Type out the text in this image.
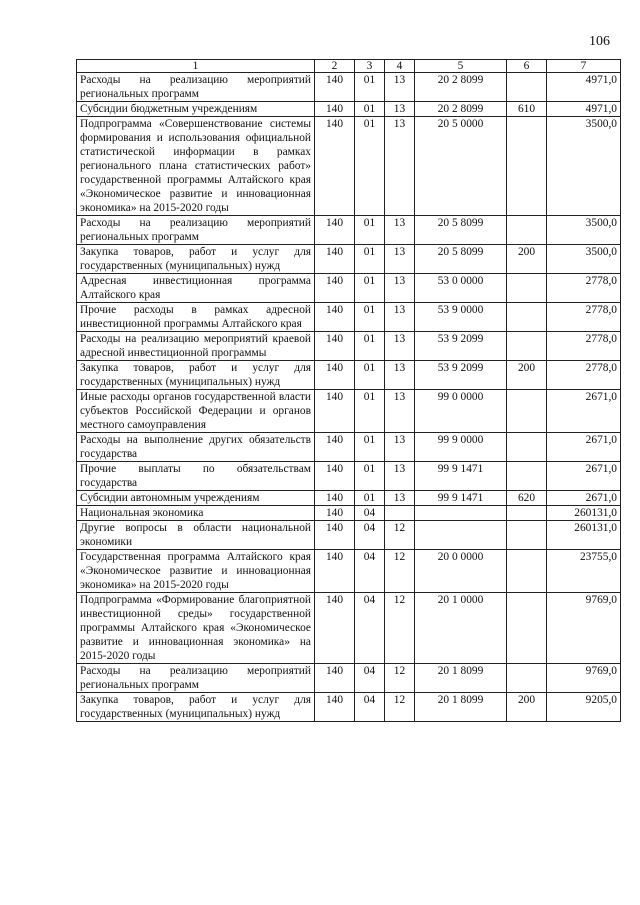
106
1	2	3	4	5	6	7
Расходы на реализацию мероприятий региональных программ	140	01	13	20 2 8099		4971,0
Субсидии бюджетным учреждениям	140	01	13	20 2 8099	610	4971,0
Подпрограмма «Совершенствование системы формирования и использования официальной статистической информации в рамках регионального плана статистических работ» государственной программы Алтайского края «Экономическое развитие и инновационная экономика» на 2015-2020 годы	140	01	13	20 5 0000		3500,0
Расходы на реализацию мероприятий региональных программ	140	01	13	20 5 8099		3500,0
Закупка товаров, работ и услуг для государственных (муниципальных) нужд	140	01	13	20 5 8099	200	3500,0
Адресная инвестиционная программа Алтайского края	140	01	13	53 0 0000		2778,0
Прочие расходы в рамках адресной инвестиционной программы Алтайского края	140	01	13	53 9 0000		2778,0
Расходы на реализацию мероприятий краевой адресной инвестиционной программы	140	01	13	53 9 2099		2778,0
Закупка товаров, работ и услуг для государственных (муниципальных) нужд	140	01	13	53 9 2099	200	2778,0
Иные расходы органов государственной власти субъектов Российской Федерации и органов местного самоуправления	140	01	13	99 0 0000		2671,0
Расходы на выполнение других обязательств государства	140	01	13	99 9 0000		2671,0
Прочие выплаты по обязательствам государства	140	01	13	99 9 1471		2671,0
Субсидии автономным учреждениям	140	01	13	99 9 1471	620	2671,0
Национальная экономика	140	04				260131,0
Другие вопросы в области национальной экономики	140	04	12			260131,0
Государственная программа Алтайского края «Экономическое развитие и инновационная экономика» на 2015-2020 годы	140	04	12	20 0 0000		23755,0
Подпрограмма «Формирование благоприятной инвестиционной среды» государственной программы Алтайского края «Экономическое развитие и инновационная экономика» на 2015-2020 годы	140	04	12	20 1 0000		9769,0
Расходы на реализацию мероприятий региональных программ	140	04	12	20 1 8099		9769,0
Закупка товаров, работ и услуг для государственных (муниципальных) нужд	140	04	12	20 1 8099	200	9205,0
